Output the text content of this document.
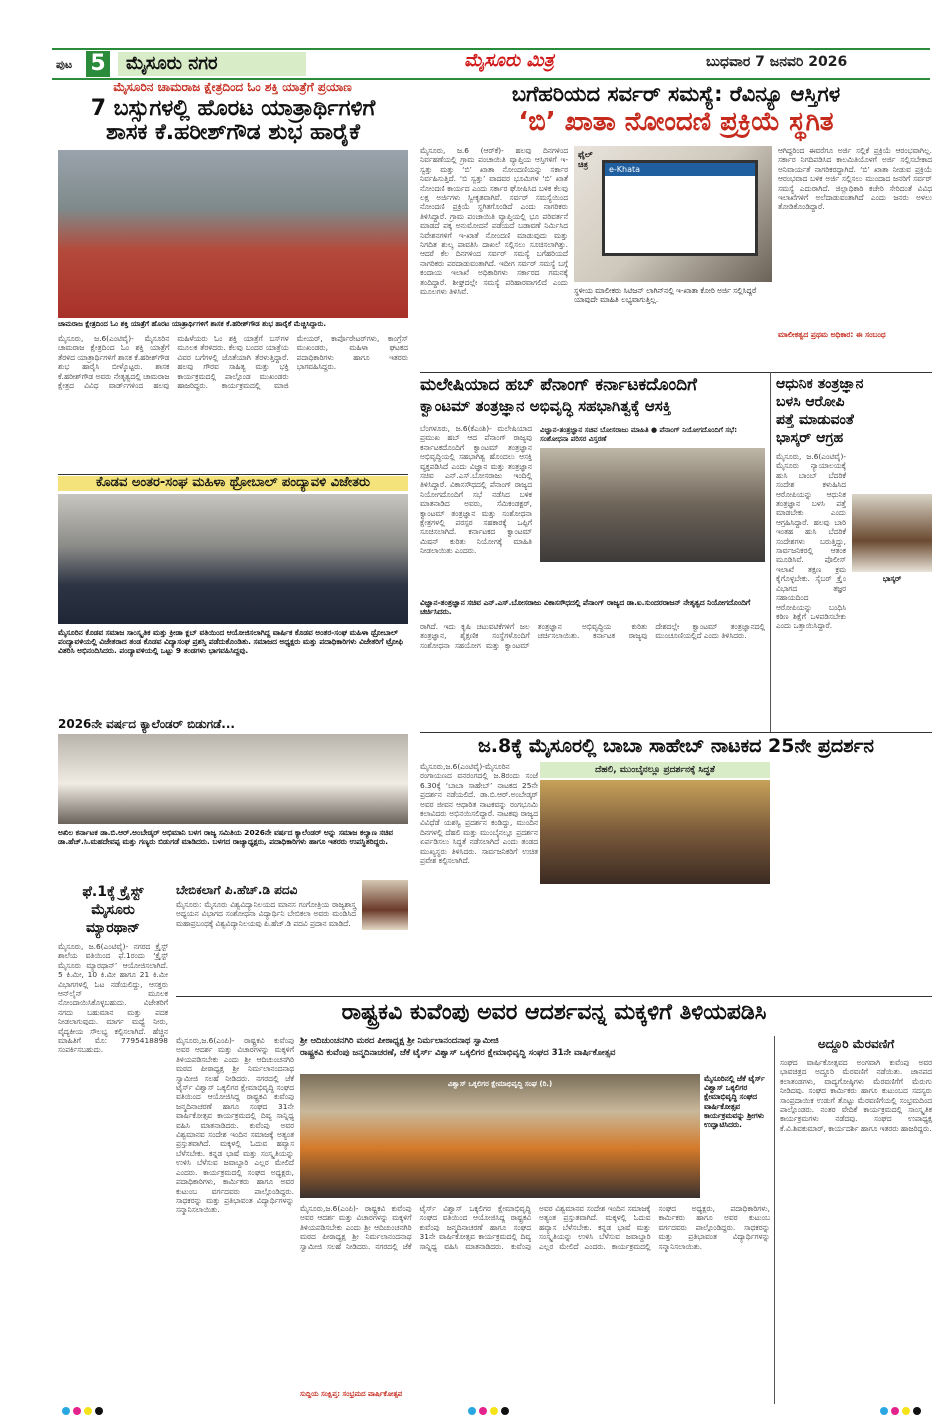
ಪುಟ 5	ಮೈಸೂರು ನಗರ	ಮೈಸೂರು ಮಿತ್ರ	ಬುಧವಾರ 7 ಜನವರಿ 2026
ಮೈಸೂರಿನ ಚಾಮರಾಜ ಕ್ಷೇತ್ರದಿಂದ ಓಂ ಶಕ್ತಿ ಯಾತ್ರೆಗೆ ಪ್ರಯಾಣ
7 ಬಸ್ಸುಗಳಲ್ಲಿ ಹೊರಟ ಯಾತ್ರಾರ್ಥಿಗಳಿಗೆ
ಶಾಸಕ ಕೆ.ಹರೀಶ್‌ಗೌಡ ಶುಭ ಹಾರೈಕೆ
ಚಾಮರಾಜ ಕ್ಷೇತ್ರದಿಂದ ಓಂ ಶಕ್ತಿ ಯಾತ್ರೆಗೆ ಹೊರಟ ಯಾತ್ರಾರ್ಥಿಗಳಿಗೆ ಶಾಸಕ ಕೆ.ಹರೀಶ್‌ಗೌಡ ಶುಭ ಹಾರೈಕೆ ಮೆಚ್ಚಿಸಿದ್ದಾರು.
ಮೈಸೂರು, ಜ.6(ಎಂಟಿವೈ)- ಮೈಸೂರಿನ ಚಾಮರಾಜ ಕ್ಷೇತ್ರದಿಂದ ಓಂ ಶಕ್ತಿ ಯಾತ್ರೆಗೆ ತೆರಳಿದ ಯಾತ್ರಾರ್ಥಿಗಳಿಗೆ ಶಾಸಕ ಕೆ.ಹರೀಶ್‌ಗೌಡ ಶುಭ ಹಾರೈಸಿ ಬೀಳ್ಕೊಟ್ಟರು. ಶಾಸಕ ಕೆ.ಹರೀಶ್‌ಗೌಡ ಅವರು ನೇತೃತ್ವದಲ್ಲಿ ಚಾಮರಾಜ ಕ್ಷೇತ್ರದ ವಿವಿಧ ವಾರ್ಡ್‌ಗಳಿಂದ ಹಲವು ಮಹಿಳೆಯರು ಓಂ ಶಕ್ತಿ ಯಾತ್ರೆಗೆ ಬಸ್‌ಗಳ ಮೂಲಕ ತೆರಳಿದರು. ಕೆಲವು ಬಂದರ ಯಾತ್ರೆಯ ವಿವರ ಬಗೆಗಳಲ್ಲಿ ಜೊತೆಯಾಗಿ ತೆರಳುತ್ತಿದ್ದಾರೆ. ಹಲವು ಗೌರವ ಸಾಹಿತ್ಯ ಮತ್ತು ಭಕ್ತಿ ಕಾರ್ಯಕ್ರಮದಲ್ಲಿ ಪಾಲ್ಗೊಂಡ ಮುಖಂಡರು ಹಾಜರಿದ್ದರು. ಕಾರ್ಯಕ್ರಮದಲ್ಲಿ ಮಾಜಿ ಮೇಯರ್, ಕಾರ್ಪೊರೇಟರ್‌ಗಳು, ಕಾಂಗ್ರೆಸ್ ಮುಖಂಡರು, ಮಹಿಳಾ ಘಟಕದ ಪದಾಧಿಕಾರಿಗಳು ಹಾಗೂ ಇತರರು ಭಾಗವಹಿಸಿದ್ದರು.
ಬಗೆಹರಿಯದ ಸರ್ವರ್ ಸಮಸ್ಯೆ: ರೆವಿನ್ಯೂ ಆಸ್ತಿಗಳ
‘ಬಿ’ ಖಾತಾ ನೋಂದಣಿ ಪ್ರಕ್ರಿಯೆ ಸ್ಥಗಿತ
ಮೈಸೂರು, ಜ.6 (ಆರ್‌ಕೆ)- ಹಲವು ದಿನಗಳಿಂದ ನಿರ್ವಹಣೆಯಲ್ಲಿ ಗ್ರಾಮ ಪಂಚಾಯಿತಿ ವ್ಯಾಪ್ತಿಯ ಆಸ್ತಿಗಳಿಗೆ ಇ-ಸ್ವತ್ತು ಮತ್ತು ‘ಬಿ’ ಖಾತಾ ನೋಂದಣಿಯನ್ನು ಸರ್ಕಾರ ನಿರ್ವಹಿಸುತ್ತಿದೆ. ‘ಬಿ ಸ್ವತ್ತು’ ವಾದವರ ಭೂಮಿಗಳ ‘ಬಿ’ ಖಾತೆ ನೋಂದಣಿ ಕಾರ್ಯದ ಎಂದು ಸರ್ಕಾರ ಘೋಷಿಸಿದ ಬಳಿಕ ಕೆಲವು ಲಕ್ಷ ಅರ್ಜಿಗಳು ಸ್ವೀಕೃತವಾಗಿವೆ. ಸರ್ವರ್ ಸಮಸ್ಯೆಯಿಂದ ನೋಂದಣಿ ಪ್ರಕ್ರಿಯೆ ಸ್ಥಗಿತಗೊಂಡಿದೆ ಎಂದು ನಾಗರಿಕರು ತಿಳಿಸಿದ್ದಾರೆ. ಗ್ರಾಮ ಪಂಚಾಯಿತಿ ವ್ಯಾಪ್ತಿಯಲ್ಲಿ ಭೂ ಪರಿವರ್ತನೆ ಮಾಡದೆ ಪಕ್ಕ ಅನುಮೋದನೆ ಪಡೆಯದೆ ಬಡಾವಣೆ ನಿರ್ಮಿಸಿದ ನಿವೇಶನಗಳಿಗೆ ಇ-ಖಾತೆ ನೋಂದಣಿ ಮಾಡುವುದು ಮತ್ತು ನಿಗದಿತ ಶುಲ್ಕ ಪಾವತಿಸಿ ದಾಖಲೆ ಸಲ್ಲಿಸಲು ಸೂಚಿಸಲಾಗಿತ್ತು. ಆದರೆ ಕೆಲ ದಿನಗಳಿಂದ ಸರ್ವರ್ ಸಮಸ್ಯೆ ಬಗೆಹರಿಯದೆ ನಾಗರಿಕರು ಪರದಾಡುವಂತಾಗಿದೆ. ಇದೀಗ ಸರ್ವರ್ ಸಮಸ್ಯೆ ಬಗ್ಗೆ ಕಂದಾಯ ಇಲಾಖೆ ಅಧಿಕಾರಿಗಳು ಸರ್ಕಾರದ ಗಮನಕ್ಕೆ ತಂದಿದ್ದಾರೆ. ಶೀಘ್ರದಲ್ಲೇ ಸಮಸ್ಯೆ ಪರಿಹಾರವಾಗಲಿದೆ ಎಂದು ಮೂಲಗಳು ತಿಳಿಸಿವೆ.
e-Khata
ಫೈಲ್ ಚಿತ್ರ
ಸ್ಥಳೀಯ ಮಾಲೀಕರು ಸಿಟಿಜನ್ ಲಾಗಿನ್‌ನಲ್ಲಿ ಇ-ಖಾತಾ ಕೋರಿ ಅರ್ಜಿ ಸಲ್ಲಿಸಿದ್ದರೆ ಯಾವುದೇ ಮಾಹಿತಿ ಲಭ್ಯವಾಗುತ್ತಿಲ್ಲ.
ಆಗಿದ್ದರಿಂದ ಈವರೆಗೂ ಅರ್ಜಿ ಸಲ್ಲಿಕೆ ಪ್ರಕ್ರಿಯೆ ಆರಂಭವಾಗಿಲ್ಲ. ಸರ್ಕಾರ ನಿಗದಿಪಡಿಸಿದ ಕಾಲಮಿತಿಯೊಳಗೆ ಅರ್ಜಿ ಸಲ್ಲಿಸಬೇಕಾದ ಅನಿವಾರ್ಯತೆ ನಾಗರಿಕರದ್ದಾಗಿದೆ. ‘ಬಿ’ ಖಾತಾ ನೀಡುವ ಪ್ರಕ್ರಿಯೆ ಆರಂಭವಾದ ಬಳಿಕ ಅರ್ಜಿ ಸಲ್ಲಿಸಲು ಮುಂದಾದ ಜನರಿಗೆ ಸರ್ವರ್ ಸಮಸ್ಯೆ ಎದುರಾಗಿದೆ. ಜಿಲ್ಲಾಧಿಕಾರಿ ಕಚೇರಿ ಸೇರಿದಂತೆ ವಿವಿಧ ಇಲಾಖೆಗಳಿಗೆ ಅಲೆದಾಡುವಂತಾಗಿದೆ ಎಂದು ಜನರು ಅಳಲು ತೋಡಿಕೊಂಡಿದ್ದಾರೆ.
ಮಾಲೀಕತ್ವದ ಪ್ರಥಮ ಅಧಿಕಾರ: ಈ ಸಂಬಂಧ
ಮಲೇಷಿಯಾದ ಹಬ್ ಪೆನಾಂಗ್ ಕರ್ನಾಟಕದೊಂದಿಗೆ
ಕ್ವಾಂಟಮ್ ತಂತ್ರಜ್ಞಾನ ಅಭಿವೃದ್ಧಿ ಸಹಭಾಗಿತ್ವಕ್ಕೆ ಆಸಕ್ತಿ
ಬೆಂಗಳೂರು, ಜ.6(ಕೆಎಂಶಿ)- ಮಲೇಷಿಯಾದ ಪ್ರಮುಖ ಹಬ್ ಆದ ಪೆನಾಂಗ್ ರಾಜ್ಯವು ಕರ್ನಾಟಕದೊಂದಿಗೆ ಕ್ವಾಂಟಮ್ ತಂತ್ರಜ್ಞಾನ ಅಭಿವೃದ್ಧಿಯಲ್ಲಿ ಸಹಭಾಗಿತ್ವ ಹೊಂದಲು ಆಸಕ್ತಿ ವ್ಯಕ್ತಪಡಿಸಿದೆ ಎಂದು ವಿಜ್ಞಾನ ಮತ್ತು ತಂತ್ರಜ್ಞಾನ ಸಚಿವ ಎನ್.ಎಸ್.ಬೋಸರಾಜು ಇಂದಿಲ್ಲಿ ತಿಳಿಸಿದ್ದಾರೆ. ವಿಕಾಸಸೌಧದಲ್ಲಿ ಪೆನಾಂಗ್ ರಾಜ್ಯದ ನಿಯೋಗದೊಂದಿಗೆ ಸಭೆ ನಡೆಸಿದ ಬಳಿಕ ಮಾತನಾಡಿದ ಅವರು, ಸೆಮಿಕಂಡಕ್ಟರ್, ಕ್ವಾಂಟಮ್ ತಂತ್ರಜ್ಞಾನ ಮತ್ತು ಸಂಶೋಧನಾ ಕ್ಷೇತ್ರಗಳಲ್ಲಿ ಪರಸ್ಪರ ಸಹಕಾರಕ್ಕೆ ಒಪ್ಪಿಗೆ ಸೂಚಿಸಲಾಗಿದೆ. ಕರ್ನಾಟಕದ ಕ್ವಾಂಟಮ್ ಮಿಷನ್ ಕುರಿತು ನಿಯೋಗಕ್ಕೆ ಮಾಹಿತಿ ನೀಡಲಾಯಿತು ಎಂದರು.
ವಿಜ್ಞಾನ-ತಂತ್ರಜ್ಞಾನ ಸಚಿವ ಬೋಸರಾಜು ಮಾಹಿತಿ ● ಪೆನಾಂಗ್ ನಿಯೋಗದೊಂದಿಗೆ ಸಭೆ: ಸಂಶೋಧನಾ ಪರಿಸರ ವಿಸ್ತರಣೆ
ವಿಜ್ಞಾನ-ತಂತ್ರಜ್ಞಾನ ಸಚಿವ ಎನ್.ಎಸ್.ಬೋಸರಾಜು ವಿಕಾಸಸೌಧದಲ್ಲಿ ಪೆನಾಂಗ್ ರಾಜ್ಯದ ಡಾ.ಐ.ಸುಂದರರಾಜನ್ ನೇತೃತ್ವದ ನಿಯೋಗದೊಂದಿಗೆ ಚರ್ಚಿಸಿದರು.
ರಾಗಿದೆ. ಇದು ಕೃಷಿ ಚಟುವಟಿಕೆಗಳಿಗೆ ಜಲ ತಂತ್ರಜ್ಞಾನ, ಶೈಕ್ಷಣಿಕ ಸಂಸ್ಥೆಗಳೊಂದಿಗೆ ಸಂಶೋಧನಾ ಸಹಯೋಗ ಮತ್ತು ಕ್ವಾಂಟಮ್ ತಂತ್ರಜ್ಞಾನ ಅಭಿವೃದ್ಧಿಯ ಕುರಿತು ಚರ್ಚಿಸಲಾಯಿತು. ಕರ್ನಾಟಕ ರಾಜ್ಯವು ದೇಶದಲ್ಲೇ ಕ್ವಾಂಟಮ್ ತಂತ್ರಜ್ಞಾನದಲ್ಲಿ ಮುಂಚೂಣಿಯಲ್ಲಿದೆ ಎಂದು ತಿಳಿಸಿದರು.
ಆಧುನಿಕ ತಂತ್ರಜ್ಞಾನ
ಬಳಸಿ ಆರೋಪಿ
ಪತ್ತೆ ಮಾಡುವಂತೆ
ಭಾಸ್ಕರ್ ಆಗ್ರಹ
ಭಾಸ್ಕರ್
ಮೈಸೂರು, ಜ.6(ಎಂಟಿವೈ)- ಮೈಸೂರು ನ್ಯಾಯಾಲಯಕ್ಕೆ ಹುಸಿ ಬಾಂಬ್ ಬೆದರಿಕೆ ಸಂದೇಶ ಕಳುಹಿಸಿದ ಆರೋಪಿಯನ್ನು ಆಧುನಿಕ ತಂತ್ರಜ್ಞಾನ ಬಳಸಿ ಪತ್ತೆ ಮಾಡಬೇಕು ಎಂದು ಆಗ್ರಹಿಸಿದ್ದಾರೆ. ಹಲವು ಬಾರಿ ಇಂತಹ ಹುಸಿ ಬೆದರಿಕೆ ಸಂದೇಶಗಳು ಬರುತ್ತಿದ್ದು, ಸಾರ್ವಜನಿಕರಲ್ಲಿ ಆತಂಕ ಮೂಡಿಸಿವೆ. ಪೊಲೀಸ್ ಇಲಾಖೆ ತಕ್ಷಣ ಕ್ರಮ ಕೈಗೊಳ್ಳಬೇಕು. ಸೈಬರ್ ಕ್ರೈಂ ವಿಭಾಗದ ತಜ್ಞರ ಸಹಾಯದಿಂದ ಆರೋಪಿಯನ್ನು ಬಂಧಿಸಿ ಕಠಿಣ ಶಿಕ್ಷೆಗೆ ಒಳಪಡಿಸಬೇಕು ಎಂದು ಒತ್ತಾಯಿಸಿದ್ದಾರೆ.
ಕೊಡವ ಅಂತರ-ಸಂಘ ಮಹಿಳಾ ಥ್ರೋಬಾಲ್ ಪಂದ್ಯಾವಳಿ ವಿಜೇತರು
ಮೈಸೂರಿನ ಕೊಡವ ಸಮಾಜ ಸಾಂಸ್ಕೃತಿಕ ಮತ್ತು ಕ್ರೀಡಾ ಕ್ಲಬ್ ವತಿಯಿಂದ ಆಯೋಜಿಸಲಾಗಿದ್ದ ವಾರ್ಷಿಕ ಕೊಡವ ಅಂತರ-ಸಂಘ ಮಹಿಳಾ ಥ್ರೋಬಾಲ್ ಪಂದ್ಯಾವಳಿಯಲ್ಲಿ ವಿಜೇತರಾದ ತಂಡ ಕೊಡವ ವಿದ್ಯಾಸಂಘ ಪ್ರಶಸ್ತಿ ಪಡೆದುಕೊಂಡಿತು. ಸಮಾಜದ ಅಧ್ಯಕ್ಷರು ಮತ್ತು ಪದಾಧಿಕಾರಿಗಳು ವಿಜೇತರಿಗೆ ಟ್ರೋಫಿ ವಿತರಿಸಿ ಅಭಿನಂದಿಸಿದರು. ಪಂದ್ಯಾವಳಿಯಲ್ಲಿ ಒಟ್ಟು 9 ತಂಡಗಳು ಭಾಗವಹಿಸಿದ್ದವು.
2026ನೇ ವರ್ಷದ ಕ್ಯಾಲೆಂಡರ್ ಬಿಡುಗಡೆ...
ಅಖಿಲ ಕರ್ನಾಟಕ ಡಾ.ಬಿ.ಆರ್.ಅಂಬೇಡ್ಕರ್ ಅಭಿಮಾನಿ ಬಳಗ ರಾಜ್ಯ ಸಮಿತಿಯ 2026ನೇ ವರ್ಷದ ಕ್ಯಾಲೆಂಡರ್ ಅನ್ನು ಸಮಾಜ ಕಲ್ಯಾಣ ಸಚಿವ ಡಾ.ಹೆಚ್.ಸಿ.ಮಹದೇವಪ್ಪ ಮತ್ತು ಗಣ್ಯರು ಬಿಡುಗಡೆ ಮಾಡಿದರು. ಬಳಗದ ರಾಜ್ಯಾಧ್ಯಕ್ಷರು, ಪದಾಧಿಕಾರಿಗಳು ಹಾಗೂ ಇತರರು ಉಪಸ್ಥಿತರಿದ್ದರು.
ಜ.8ಕ್ಕೆ ಮೈಸೂರಲ್ಲಿ ಬಾಬಾ ಸಾಹೇಬ್ ನಾಟಕದ 25ನೇ ಪ್ರದರ್ಶನ
ಮೈಸೂರು,ಜ.6(ಎಂಟಿವೈ)-ಮೈಸೂರಿನ ರಂಗಾಯಣದ ವನರಂಗದಲ್ಲಿ ಜ.8ರಂದು ಸಂಜೆ 6.30ಕ್ಕೆ ‘ಬಾಬಾ ಸಾಹೇಬ್’ ನಾಟಕದ 25ನೇ ಪ್ರದರ್ಶನ ನಡೆಯಲಿದೆ. ಡಾ.ಬಿ.ಆರ್.ಅಂಬೇಡ್ಕರ್ ಅವರ ಜೀವನ ಆಧಾರಿತ ನಾಟಕವನ್ನು ರಂಗಭೂಮಿ ಕಲಾವಿದರು ಅಭಿನಯಿಸಲಿದ್ದಾರೆ. ನಾಟಕವು ರಾಜ್ಯದ ವಿವಿಧೆಡೆ ಯಶಸ್ವಿ ಪ್ರದರ್ಶನ ಕಂಡಿದ್ದು, ಮುಂದಿನ ದಿನಗಳಲ್ಲಿ ದೆಹಲಿ ಮತ್ತು ಮುಂಬೈನಲ್ಲೂ ಪ್ರದರ್ಶನ ಏರ್ಪಡಿಸಲು ಸಿದ್ಧತೆ ನಡೆಸಲಾಗಿದೆ ಎಂದು ತಂಡದ ಮುಖ್ಯಸ್ಥರು ತಿಳಿಸಿದರು. ಸಾರ್ವಜನಿಕರಿಗೆ ಉಚಿತ ಪ್ರವೇಶ ಕಲ್ಪಿಸಲಾಗಿದೆ.
ದೆಹಲಿ, ಮುಂಬೈನಲ್ಲೂ ಪ್ರದರ್ಶನಕ್ಕೆ ಸಿದ್ಧತೆ
ಫೆ.1ಕ್ಕೆ ಕ್ರೈಸ್ಟ್
ಮೈಸೂರು
ಮ್ಯಾರಥಾನ್
ಮೈಸೂರು, ಜ.6(ಎಂಟಿವೈ)- ನಗರದ ಕ್ರೈಸ್ಟ್ ಶಾಲೆಯ ವತಿಯಿಂದ ಫೆ.1ರಂದು ‘ಕ್ರೈಸ್ಟ್ ಮೈಸೂರು ಮ್ಯಾರಥಾನ್’ ಆಯೋಜಿಸಲಾಗಿದೆ. 5 ಕಿ.ಮೀ, 10 ಕಿ.ಮೀ ಹಾಗೂ 21 ಕಿ.ಮೀ ವಿಭಾಗಗಳಲ್ಲಿ ಓಟ ನಡೆಯಲಿದ್ದು, ಆಸಕ್ತರು ಆನ್‌ಲೈನ್ ಮೂಲಕ ನೋಂದಾಯಿಸಿಕೊಳ್ಳಬಹುದು. ವಿಜೇತರಿಗೆ ನಗದು ಬಹುಮಾನ ಮತ್ತು ಪದಕ ನೀಡಲಾಗುವುದು. ಮಾರ್ಗ ಮಧ್ಯೆ ನೀರು, ವೈದ್ಯಕೀಯ ಸೌಲಭ್ಯ ಕಲ್ಪಿಸಲಾಗಿದೆ. ಹೆಚ್ಚಿನ ಮಾಹಿತಿಗೆ ಮೊ: 7795418898 ಸಂಪರ್ಕಿಸಬಹುದು.
ಬೇಬಿಕಲಾಗೆ ಪಿ.ಹೆಚ್.ಡಿ ಪದವಿ
ಮೈಸೂರು: ಮೈಸೂರು ವಿಶ್ವವಿದ್ಯಾನಿಲಯದ ಮಾನಸ ಗಂಗೋತ್ರಿಯ ರಾಜ್ಯಶಾಸ್ತ್ರ ಅಧ್ಯಯನ ವಿಭಾಗದ ಸಂಶೋಧನಾ ವಿದ್ಯಾರ್ಥಿನಿ ಬೇಬಿಕಲಾ ಅವರು ಮಂಡಿಸಿದ ಮಹಾಪ್ರಬಂಧಕ್ಕೆ ವಿಶ್ವವಿದ್ಯಾನಿಲಯವು ಪಿ.ಹೆಚ್.ಡಿ ಪದವಿ ಪ್ರದಾನ ಮಾಡಿದೆ.
ರಾಷ್ಟ್ರಕವಿ ಕುವೆಂಪು ಅವರ ಆದರ್ಶವನ್ನ ಮಕ್ಕಳಿಗೆ ತಿಳಿಯಪಡಿಸಿ
ಮೈಸೂರು,ಜ.6(ಎಂಪಿ)- ರಾಷ್ಟ್ರಕವಿ ಕುವೆಂಪು ಅವರ ಆದರ್ಶ ಮತ್ತು ವಿಚಾರಗಳನ್ನು ಮಕ್ಕಳಿಗೆ ತಿಳಿಯಪಡಿಸಬೇಕು ಎಂದು ಶ್ರೀ ಆದಿಚುಂಚನಗಿರಿ ಮಠದ ಪೀಠಾಧ್ಯಕ್ಷ ಶ್ರೀ ನಿರ್ಮಲಾನಂದನಾಥ ಸ್ವಾಮೀಜಿ ಸಲಹೆ ನೀಡಿದರು. ನಗರದಲ್ಲಿ ಜೆಕೆ ಟೈರ್ಸ್ ವಿಶ್ವಾಸ್ ಒಕ್ಕಲಿಗರ ಕ್ಷೇಮಾಭಿವೃದ್ಧಿ ಸಂಘದ ವತಿಯಿಂದ ಆಯೋಜಿಸಿದ್ದ ರಾಷ್ಟ್ರಕವಿ ಕುವೆಂಪು ಜನ್ಮದಿನಾಚರಣೆ ಹಾಗೂ ಸಂಘದ 31ನೇ ವಾರ್ಷಿಕೋತ್ಸವ ಕಾರ್ಯಕ್ರಮದಲ್ಲಿ ದಿವ್ಯ ಸಾನ್ನಿಧ್ಯ ವಹಿಸಿ ಮಾತನಾಡಿದರು. ಕುವೆಂಪು ಅವರ ವಿಶ್ವಮಾನವ ಸಂದೇಶ ಇಂದಿನ ಸಮಾಜಕ್ಕೆ ಅತ್ಯಂತ ಪ್ರಸ್ತುತವಾಗಿದೆ. ಮಕ್ಕಳಲ್ಲಿ ಓದುವ ಹವ್ಯಾಸ ಬೆಳೆಸಬೇಕು. ಕನ್ನಡ ಭಾಷೆ ಮತ್ತು ಸಂಸ್ಕೃತಿಯನ್ನು ಉಳಿಸಿ ಬೆಳೆಸುವ ಜವಾಬ್ದಾರಿ ಎಲ್ಲರ ಮೇಲಿದೆ ಎಂದರು. ಕಾರ್ಯಕ್ರಮದಲ್ಲಿ ಸಂಘದ ಅಧ್ಯಕ್ಷರು, ಪದಾಧಿಕಾರಿಗಳು, ಕಾರ್ಮಿಕರು ಹಾಗೂ ಅವರ ಕುಟುಂಬ ವರ್ಗದವರು ಪಾಲ್ಗೊಂಡಿದ್ದರು. ಸಾಧಕರನ್ನು ಮತ್ತು ಪ್ರತಿಭಾವಂತ ವಿದ್ಯಾರ್ಥಿಗಳನ್ನು ಸನ್ಮಾನಿಸಲಾಯಿತು.
ಶ್ರೀ ಆದಿಚುಂಚನಗಿರಿ ಮಠದ ಪೀಠಾಧ್ಯಕ್ಷ ಶ್ರೀ ನಿರ್ಮಲಾನಂದನಾಥ ಸ್ವಾಮೀಜಿ
ರಾಷ್ಟ್ರಕವಿ ಕುವೆಂಪು ಜನ್ಮದಿನಾಚರಣೆ, ಜೆಕೆ ಟೈರ್ಸ್ ವಿಶ್ವಾಸ್ ಒಕ್ಕಲಿಗರ ಕ್ಷೇಮಾಭಿವೃದ್ಧಿ ಸಂಘದ 31ನೇ ವಾರ್ಷಿಕೋತ್ಸವ
ವಿಶ್ವಾಸ್ ಒಕ್ಕಲಿಗರ ಕ್ಷೇಮಾಭಿವೃದ್ಧಿ ಸಂಘ (ರಿ.)
ಮೈಸೂರಿನಲ್ಲಿ ಜೆಕೆ ಟೈರ್ಸ್ ವಿಶ್ವಾಸ್ ಒಕ್ಕಲಿಗರ ಕ್ಷೇಮಾಭಿವೃದ್ಧಿ ಸಂಘದ ವಾರ್ಷಿಕೋತ್ಸವ ಕಾರ್ಯಕ್ರಮವನ್ನು ಶ್ರೀಗಳು ಉದ್ಘಾಟಿಸಿದರು.
ಮೈಸೂರು,ಜ.6(ಎಂಪಿ)- ರಾಷ್ಟ್ರಕವಿ ಕುವೆಂಪು ಅವರ ಆದರ್ಶ ಮತ್ತು ವಿಚಾರಗಳನ್ನು ಮಕ್ಕಳಿಗೆ ತಿಳಿಯಪಡಿಸಬೇಕು ಎಂದು ಶ್ರೀ ಆದಿಚುಂಚನಗಿರಿ ಮಠದ ಪೀಠಾಧ್ಯಕ್ಷ ಶ್ರೀ ನಿರ್ಮಲಾನಂದನಾಥ ಸ್ವಾಮೀಜಿ ಸಲಹೆ ನೀಡಿದರು. ನಗರದಲ್ಲಿ ಜೆಕೆ ಟೈರ್ಸ್ ವಿಶ್ವಾಸ್ ಒಕ್ಕಲಿಗರ ಕ್ಷೇಮಾಭಿವೃದ್ಧಿ ಸಂಘದ ವತಿಯಿಂದ ಆಯೋಜಿಸಿದ್ದ ರಾಷ್ಟ್ರಕವಿ ಕುವೆಂಪು ಜನ್ಮದಿನಾಚರಣೆ ಹಾಗೂ ಸಂಘದ 31ನೇ ವಾರ್ಷಿಕೋತ್ಸವ ಕಾರ್ಯಕ್ರಮದಲ್ಲಿ ದಿವ್ಯ ಸಾನ್ನಿಧ್ಯ ವಹಿಸಿ ಮಾತನಾಡಿದರು. ಕುವೆಂಪು ಅವರ ವಿಶ್ವಮಾನವ ಸಂದೇಶ ಇಂದಿನ ಸಮಾಜಕ್ಕೆ ಅತ್ಯಂತ ಪ್ರಸ್ತುತವಾಗಿದೆ. ಮಕ್ಕಳಲ್ಲಿ ಓದುವ ಹವ್ಯಾಸ ಬೆಳೆಸಬೇಕು. ಕನ್ನಡ ಭಾಷೆ ಮತ್ತು ಸಂಸ್ಕೃತಿಯನ್ನು ಉಳಿಸಿ ಬೆಳೆಸುವ ಜವಾಬ್ದಾರಿ ಎಲ್ಲರ ಮೇಲಿದೆ ಎಂದರು. ಕಾರ್ಯಕ್ರಮದಲ್ಲಿ ಸಂಘದ ಅಧ್ಯಕ್ಷರು, ಪದಾಧಿಕಾರಿಗಳು, ಕಾರ್ಮಿಕರು ಹಾಗೂ ಅವರ ಕುಟುಂಬ ವರ್ಗದವರು ಪಾಲ್ಗೊಂಡಿದ್ದರು. ಸಾಧಕರನ್ನು ಮತ್ತು ಪ್ರತಿಭಾವಂತ ವಿದ್ಯಾರ್ಥಿಗಳನ್ನು ಸನ್ಮಾನಿಸಲಾಯಿತು.
ಸುದ್ದಿಯ ಸಂಕ್ಷಿಪ್ತ: ಸಂಭ್ರಮದ ವಾರ್ಷಿಕೋತ್ಸವ
ಅದ್ದೂರಿ ಮೆರವಣಿಗೆ
ಸಂಘದ ವಾರ್ಷಿಕೋತ್ಸವದ ಅಂಗವಾಗಿ ಕುವೆಂಪು ಅವರ ಭಾವಚಿತ್ರದ ಅದ್ದೂರಿ ಮೆರವಣಿಗೆ ನಡೆಯಿತು. ಜಾನಪದ ಕಲಾತಂಡಗಳು, ವಾದ್ಯಗೋಷ್ಠಿಗಳು ಮೆರವಣಿಗೆಗೆ ಮೆರುಗು ನೀಡಿದವು. ಸಂಘದ ಕಾರ್ಮಿಕರು ಹಾಗೂ ಕುಟುಂಬದ ಸದಸ್ಯರು ಸಾಂಪ್ರದಾಯಿಕ ಉಡುಗೆ ತೊಟ್ಟು ಮೆರವಣಿಗೆಯಲ್ಲಿ ಸಂಭ್ರಮದಿಂದ ಪಾಲ್ಗೊಂಡರು. ನಂತರ ವೇದಿಕೆ ಕಾರ್ಯಕ್ರಮದಲ್ಲಿ ಸಾಂಸ್ಕೃತಿಕ ಕಾರ್ಯಕ್ರಮಗಳು ನಡೆದವು. ಸಂಘದ ಉಪಾಧ್ಯಕ್ಷ ಕೆ.ವಿ.ಶಿವಕುಮಾರ್, ಕಾರ್ಯದರ್ಶಿ ಹಾಗೂ ಇತರರು ಹಾಜರಿದ್ದರು.
